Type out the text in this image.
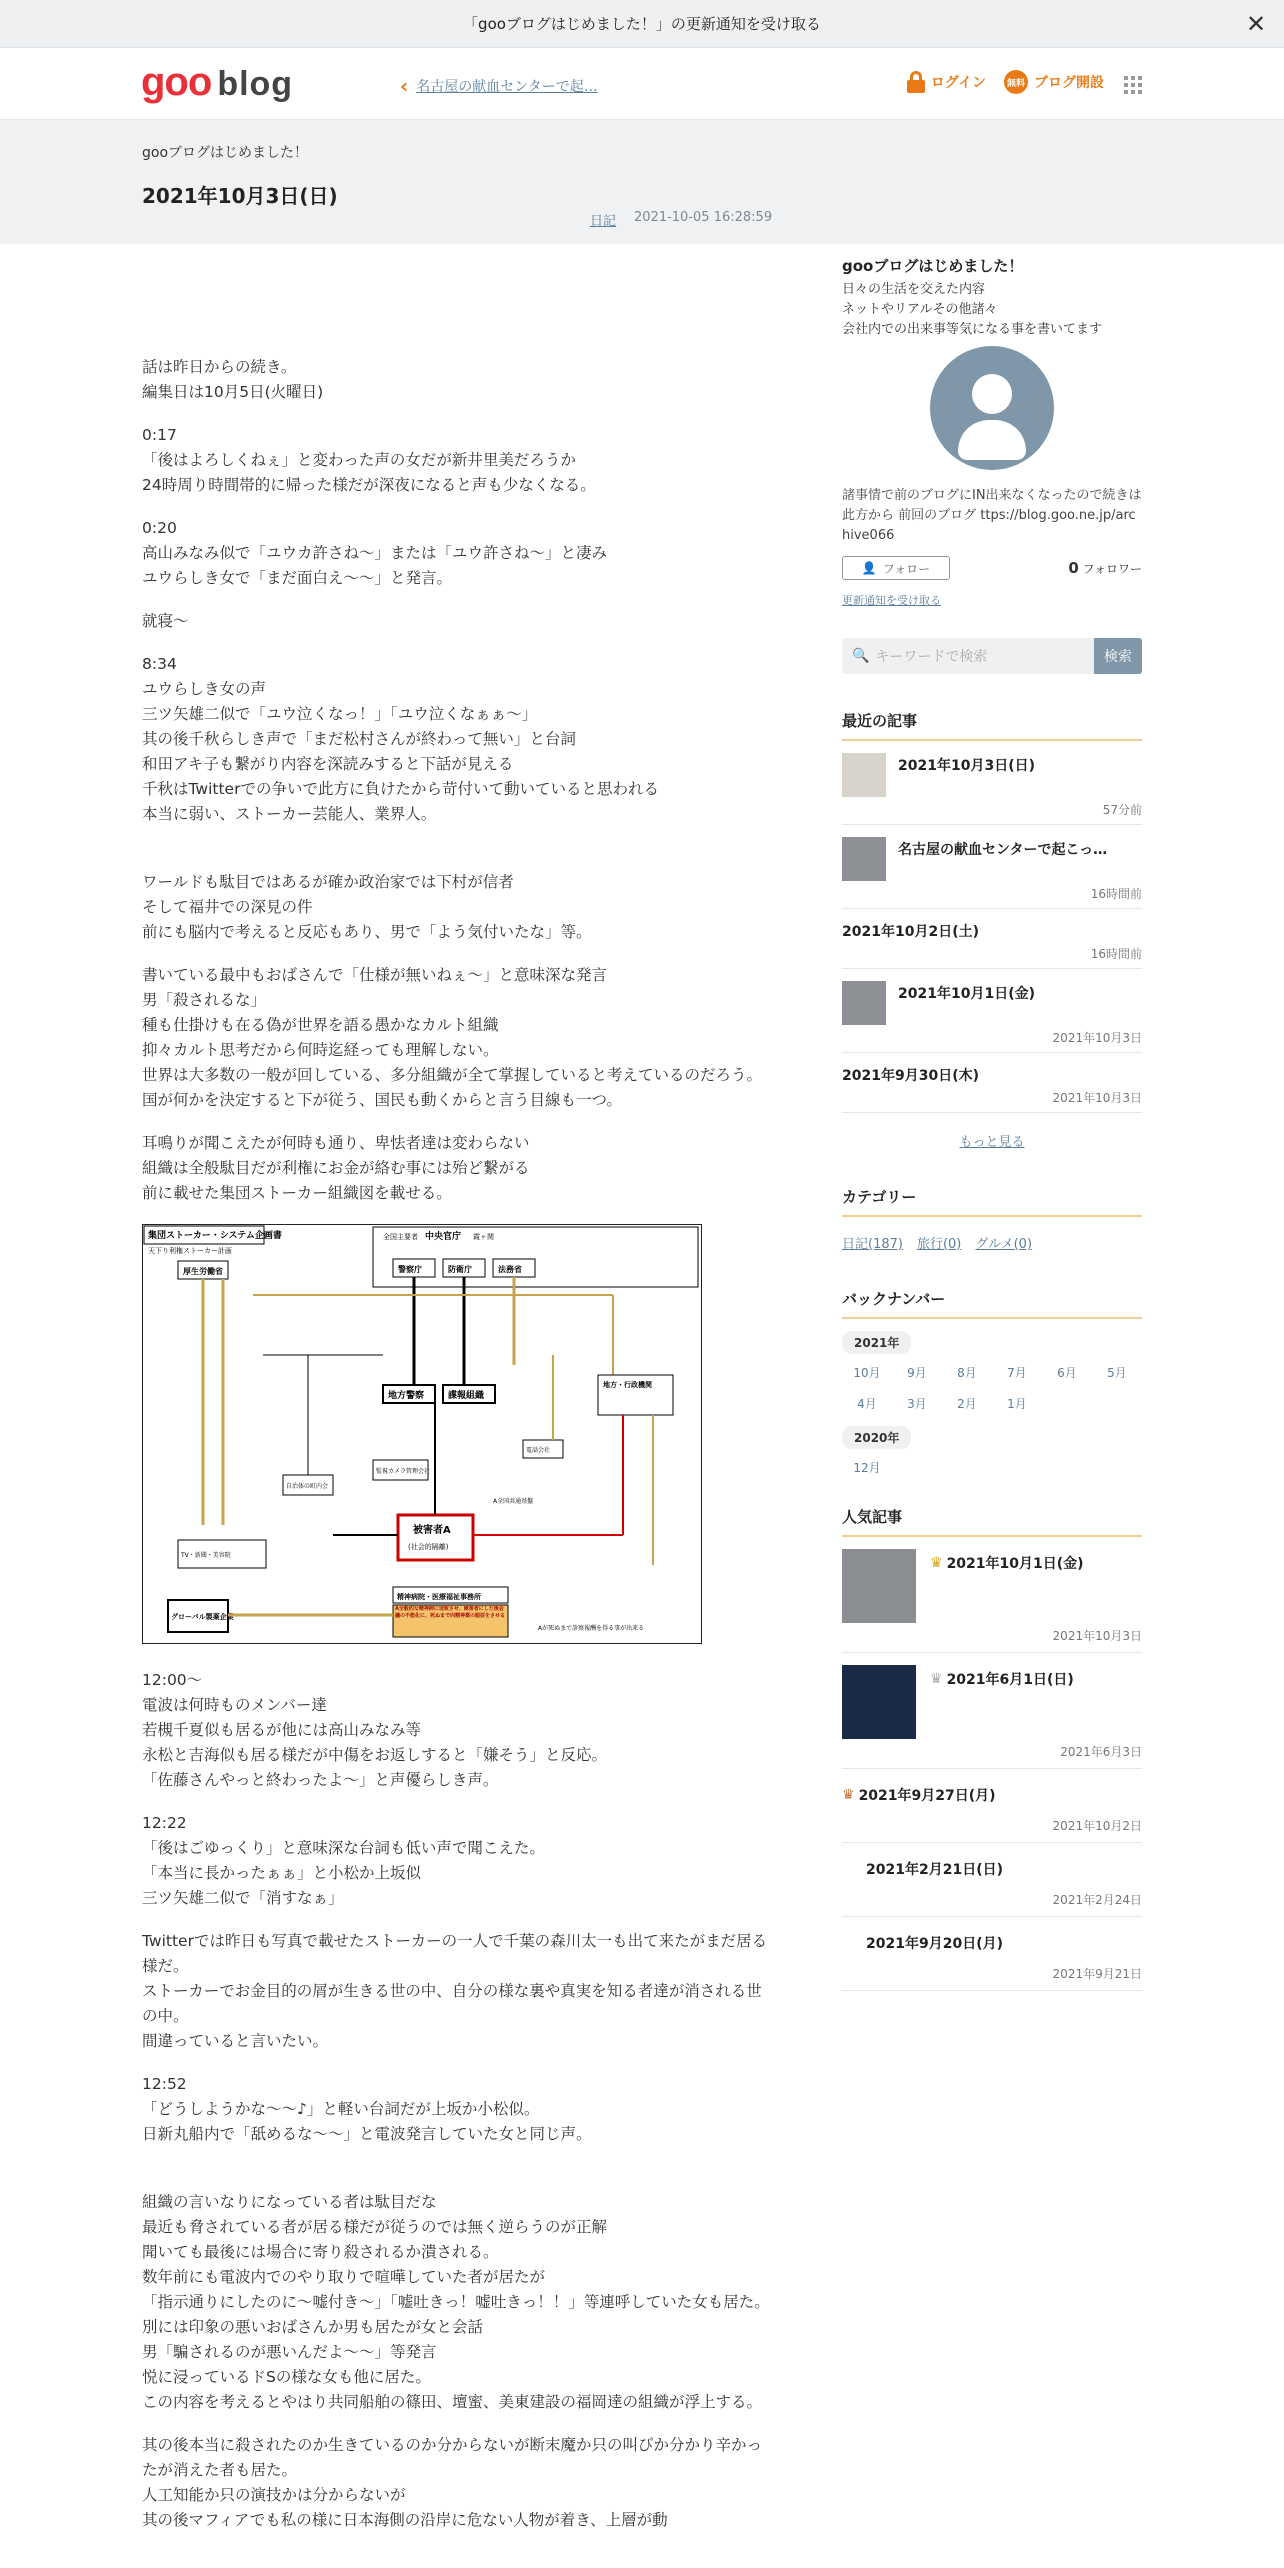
「gooブログはじめました！」の更新通知を受け取る	✕
goo blog	‹ 名古屋の献血センターで起…	ログイン	無料 ブログ開設
gooブログはじめました！
2021年10月3日(日)
日記 2021-10-05 16:28:59
話は昨日からの続き。
編集日は10月5日(火曜日)
0:17
「後はよろしくねぇ」と変わった声の女だが新井里美だろうか
24時周り時間帯的に帰った様だが深夜になると声も少なくなる。
0:20
高山みなみ似で「ユウカ許さね～」または「ユウ許さね～」と凄み
ユウらしき女で「まだ面白え～～」と発言。
就寝～
8:34
ユウらしき女の声
三ツ矢雄二似で「ユウ泣くなっ！」「ユウ泣くなぁぁ～」
其の後千秋らしき声で「まだ松村さんが終わって無い」と台詞
和田アキ子も繋がり内容を深読みすると下話が見える
千秋はTwitterでの争いで此方に負けたから苛付いて動いていると思われる
本当に弱い、ストーカー芸能人、業界人。
ワールドも駄目ではあるが確か政治家では下村が信者
そして福井での深見の件
前にも脳内で考えると反応もあり、男で「よう気付いたな」等。
書いている最中もおばさんで「仕様が無いねぇ～」と意味深な発言
男「殺されるな」
種も仕掛けも在る偽が世界を語る愚かなカルト組織
抑々カルト思考だから何時迄経っても理解しない。
世界は大多数の一般が回している、多分組織が全て掌握していると考えているのだろう。
国が何かを決定すると下が従う、国民も動くからと言う目線も一つ。
耳鳴りが聞こえたが何時も通り、卑怯者達は変わらない
組織は全般駄目だが利権にお金が絡む事には殆ど繋がる
前に載せた集団ストーカー組織図を載せる。
集団ストーカー・システム企画書
天下り利権ストーカー計画
全国主要者 中央官庁 霞ヶ関
厚生労働省	警察庁	防衛庁	法務省
地方警察	諜報組織
地方・行政機関
自治体の町内会
監視カメラ管理会社
電話会社
被害者A
(社会的隔離)
TV・新聞・美容院
グローバル製薬企業
精神病院・医療福祉事務所
A全般的な精神病に送致させ、障害者にした後会議の不能化に、死ぬまで向精神薬の服従をさせる
Aが死ぬまで診察報酬を得る事が出来る
A全国共通基盤
12:00～
電波は何時ものメンバー達
若槻千夏似も居るが他には高山みなみ等
永松と吉海似も居る様だが中傷をお返しすると「嫌そう」と反応。
「佐藤さんやっと終わったよ～」と声優らしき声。
12:22
「後はごゆっくり」と意味深な台詞も低い声で聞こえた。
「本当に長かったぁぁ」と小松か上坂似
三ツ矢雄二似で「消すなぁ」
Twitterでは昨日も写真で載せたストーカーの一人で千葉の森川太一も出て来たがまだ居る様だ。
ストーカーでお金目的の屑が生きる世の中、自分の様な裏や真実を知る者達が消される世の中。
間違っていると言いたい。
12:52
「どうしようかな～～♪」と軽い台詞だが上坂か小松似。
日新丸船内で「舐めるな～～」と電波発言していた女と同じ声。
組織の言いなりになっている者は駄目だな
最近も脅されている者が居る様だが従うのでは無く逆らうのが正解
聞いても最後には場合に寄り殺されるか潰される。
数年前にも電波内でのやり取りで喧嘩していた者が居たが
「指示通りにしたのに～嘘付き～」「嘘吐きっ！嘘吐きっ！！」等連呼していた女も居た。
別には印象の悪いおばさんか男も居たが女と会話
男「騙されるのが悪いんだよ～～」等発言
悦に浸っているドSの様な女も他に居た。
この内容を考えるとやはり共同船舶の篠田、壇蜜、美東建設の福岡達の組織が浮上する。
其の後本当に殺されたのか生きているのか分からないが断末魔か只の叫びか分かり辛かったが消えた者も居た。
人工知能か只の演技かは分からないが
其の後マフィアでも私の様に日本海側の沿岸に危ない人物が着き、上層が動
gooブログはじめました！
日々の生活を交えた内容
ネットやリアルその他諸々
会社内での出来事等気になる事を書いてます
諸事情で前のブログにIN出来なくなったので続きは此方から 前回のブログ ttps://blog.goo.ne.jp/archive066
👤 フォロー	0 フォロワー
更新通知を受け取る
🔍 キーワードで検索	検索
最近の記事
2021年10月3日(日)
57分前
名古屋の献血センターで起こっ…
16時間前
2021年10月2日(土)
16時間前
2021年10月1日(金)
2021年10月3日
2021年9月30日(木)
2021年10月3日
もっと見る
カテゴリー
日記(187) 旅行(0) グルメ(0)
バックナンバー
2021年
10月	9月	8月	7月	6月	5月
4月	3月	2月	1月
2020年
12月
人気記事
♛ 2021年10月1日(金)
2021年10月3日
♛ 2021年6月1日(日)
2021年6月3日
♛ 2021年9月27日(月)
2021年10月2日
2021年2月21日(日)
2021年2月24日
2021年9月20日(月)
2021年9月21日
